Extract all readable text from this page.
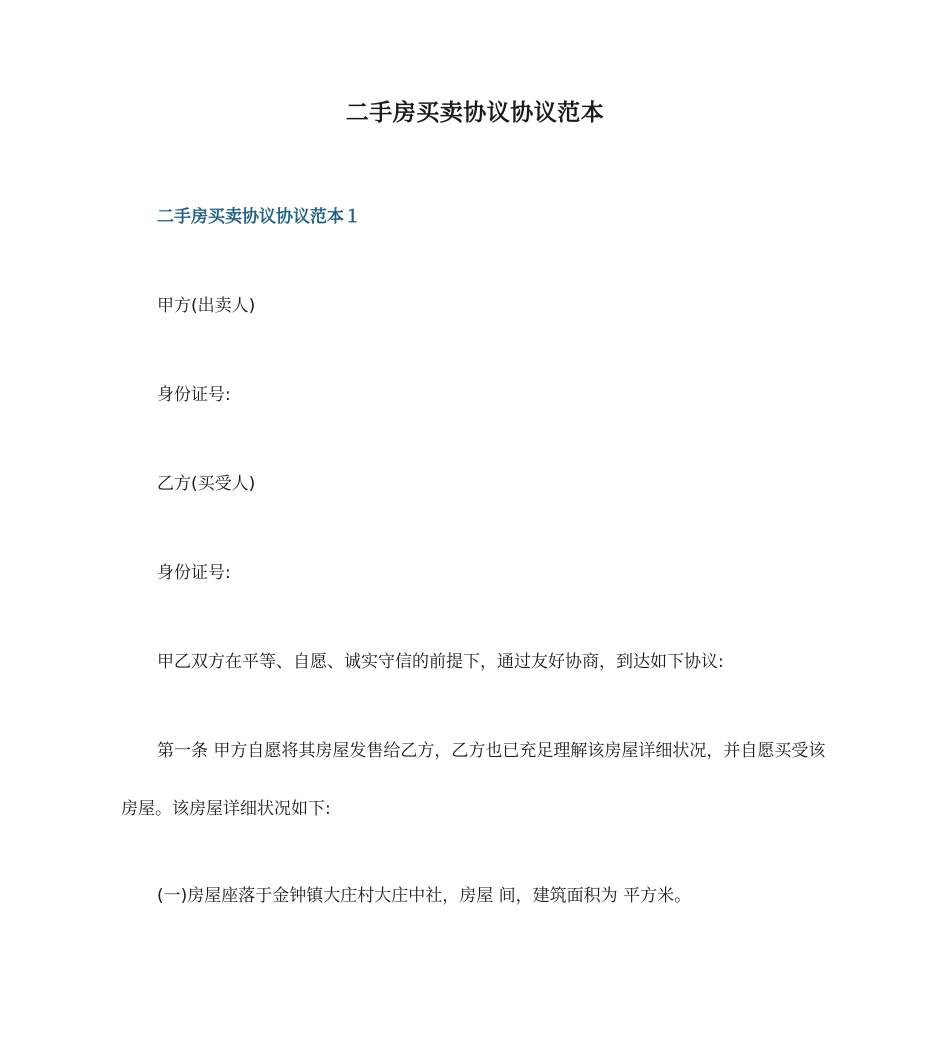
二手房买卖协议协议范本
二手房买卖协议协议范本１
甲方(出卖人)
身份证号:
乙方(买受人)
身份证号:
甲乙双方在平等、自愿、诚实守信的前提下，通过友好协商，到达如下协议:
第一条 甲方自愿将其房屋发售给乙方，乙方也已充足理解该房屋详细状况，并自愿买受该房屋。该房屋详细状况如下:
(一)房屋座落于金钟镇大庄村大庄中社，房屋 间，建筑面积为 平方米。
